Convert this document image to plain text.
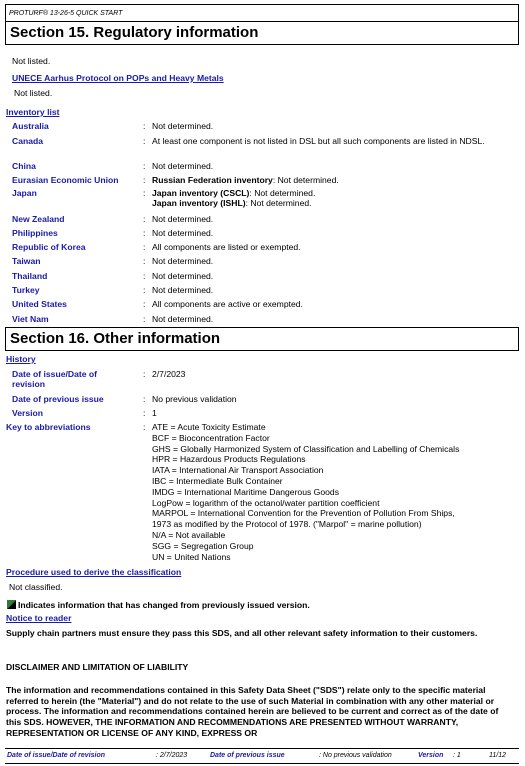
PROTURF® 13-26-5 QUICK START
Section 15. Regulatory information
Not listed.
UNECE Aarhus Protocol on POPs and Heavy Metals
Not listed.
Inventory list
Australia	: Not determined.
Canada	: At least one component is not listed in DSL but all such components are listed in NDSL.
China	: Not determined.
Eurasian Economic Union	: Russian Federation inventory: Not determined.
Japan	: Japan inventory (CSCL): Not determined.
Japan inventory (ISHL): Not determined.
New Zealand	: Not determined.
Philippines	: Not determined.
Republic of Korea	: All components are listed or exempted.
Taiwan	: Not determined.
Thailand	: Not determined.
Turkey	: Not determined.
United States	: All components are active or exempted.
Viet Nam	: Not determined.
Section 16. Other information
History
Date of issue/Date of revision
: 2/7/2023
Date of previous issue	: No previous validation
Version	: 1
Key to abbreviations	: ATE = Acute Toxicity Estimate
BCF = Bioconcentration Factor
GHS = Globally Harmonized System of Classification and Labelling of Chemicals
HPR = Hazardous Products Regulations
IATA = International Air Transport Association
IBC = Intermediate Bulk Container
IMDG = International Maritime Dangerous Goods
LogPow = logarithm of the octanol/water partition coefficient
MARPOL = International Convention for the Prevention of Pollution From Ships,
1973 as modified by the Protocol of 1978. ("Marpol" = marine pollution)
N/A = Not available
SGG = Segregation Group
UN = United Nations
Procedure used to derive the classification
Not classified.
Indicates information that has changed from previously issued version.
Notice to reader
Supply chain partners must ensure they pass this SDS, and all other relevant safety information to their customers.
DISCLAIMER AND LIMITATION OF LIABILITY
The information and recommendations contained in this Safety Data Sheet ("SDS") relate only to the specific material referred to herein (the "Material") and do not relate to the use of such Material in combination with any other material or process. The information and recommendations contained herein are believed to be current and correct as of the date of this SDS. HOWEVER, THE INFORMATION AND RECOMMENDATIONS ARE PRESENTED WITHOUT WARRANTY, REPRESENTATION OR LICENSE OF ANY KIND, EXPRESS OR
Date of issue/Date of revision	: 2/7/2023	Date of previous issue	: No previous validation	Version : 1	11/12
